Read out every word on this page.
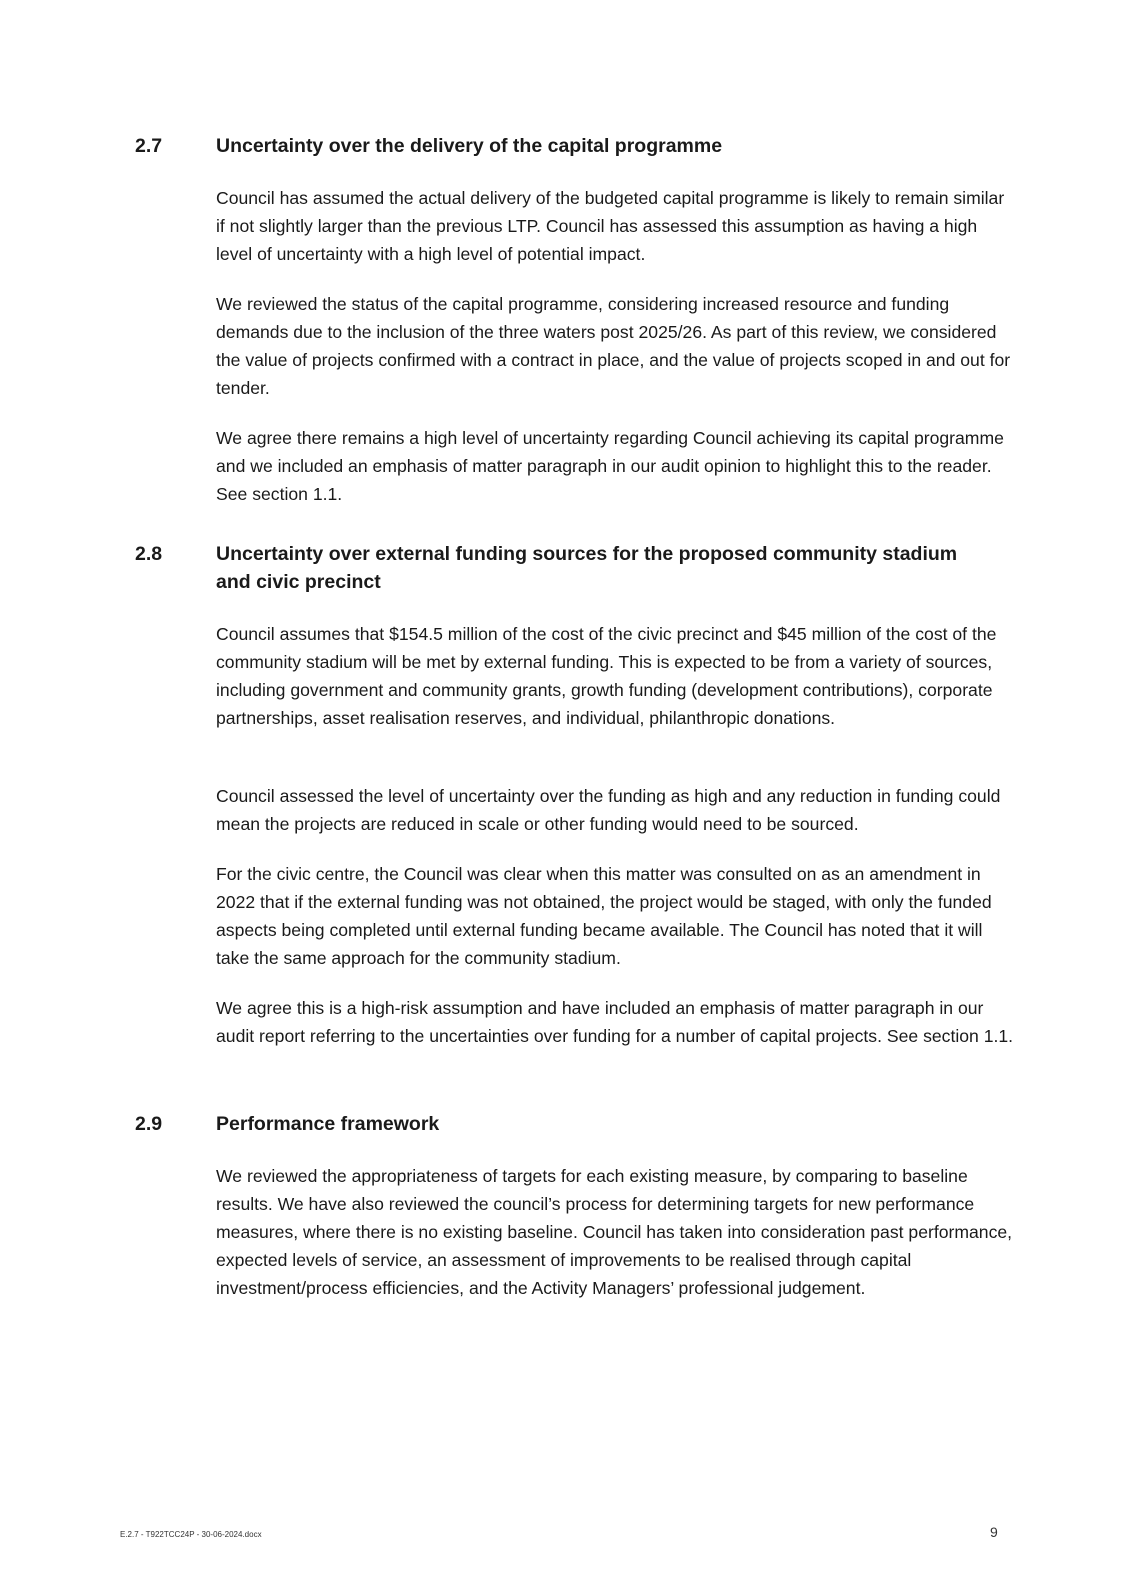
2.7	Uncertainty over the delivery of the capital programme

Council has assumed the actual delivery of the budgeted capital programme is likely to remain similar if not slightly larger than the previous LTP. Council has assessed this assumption as having a high level of uncertainty with a high level of potential impact.

We reviewed the status of the capital programme, considering increased resource and funding demands due to the inclusion of the three waters post 2025/26. As part of this review, we considered the value of projects confirmed with a contract in place, and the value of projects scoped in and out for tender.

We agree there remains a high level of uncertainty regarding Council achieving its capital programme and we included an emphasis of matter paragraph in our audit opinion to highlight this to the reader. See section 1.1.

2.8	Uncertainty over external funding sources for the proposed community stadium and civic precinct

Council assumes that $154.5 million of the cost of the civic precinct and $45 million of the cost of the community stadium will be met by external funding. This is expected to be from a variety of sources, including government and community grants, growth funding (development contributions), corporate partnerships, asset realisation reserves, and individual, philanthropic donations.

Council assessed the level of uncertainty over the funding as high and any reduction in funding could mean the projects are reduced in scale or other funding would need to be sourced.

For the civic centre, the Council was clear when this matter was consulted on as an amendment in 2022 that if the external funding was not obtained, the project would be staged, with only the funded aspects being completed until external funding became available. The Council has noted that it will take the same approach for the community stadium.

We agree this is a high-risk assumption and have included an emphasis of matter paragraph in our audit report referring to the uncertainties over funding for a number of capital projects. See section 1.1.

2.9	Performance framework

We reviewed the appropriateness of targets for each existing measure, by comparing to baseline results. We have also reviewed the council’s process for determining targets for new performance measures, where there is no existing baseline. Council has taken into consideration past performance, expected levels of service, an assessment of improvements to be realised through capital investment/process efficiencies, and the Activity Managers’ professional judgement.

E.2.7 - T922TCC24P - 30-06-2024.docx	9
